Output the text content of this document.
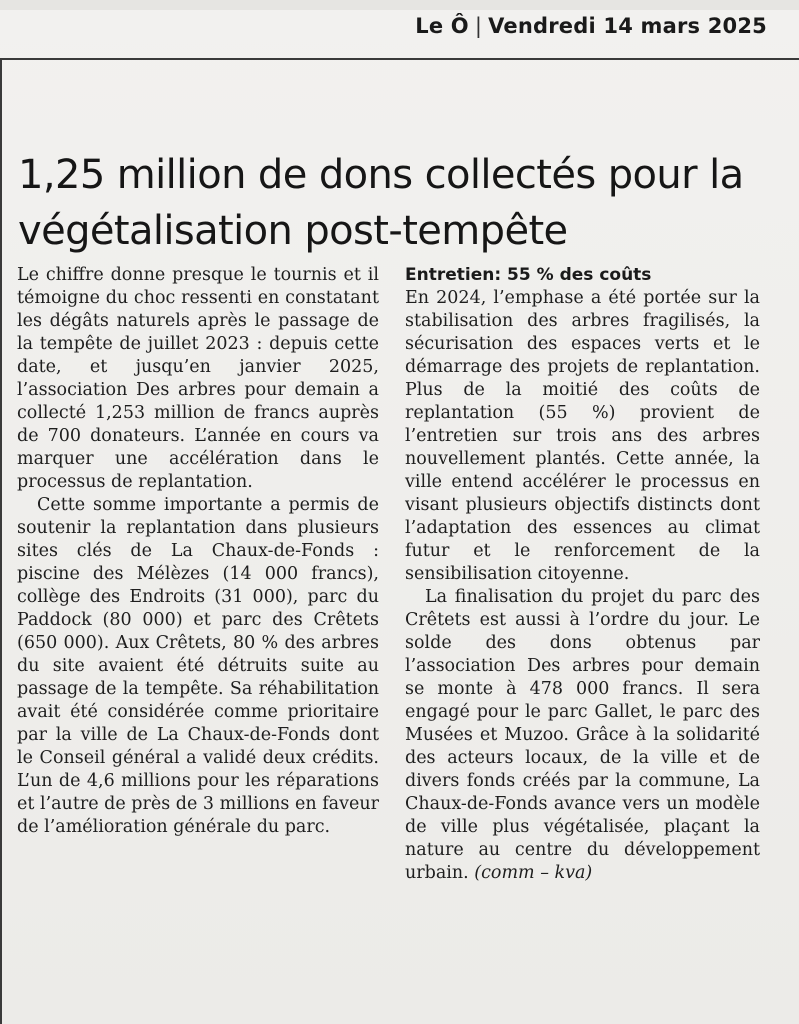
Le Ô | Vendredi 14 mars 2025
1,25 million de dons collectés pour la végétalisation post-tempête

Le chiffre donne presque le tournis et il témoigne du choc ressenti en constatant les dégâts naturels après le passage de la tempête de juillet 2023 : depuis cette date, et jusqu’en janvier 2025, l’association Des arbres pour demain a collecté 1,253 million de francs auprès de 700 donateurs. L’année en cours va marquer une accélération dans le processus de replantation.

Cette somme importante a permis de soutenir la replantation dans plusieurs sites clés de La Chaux-de-Fonds : piscine des Mélèzes (14 000 francs), collège des Endroits (31 000), parc du Paddock (80 000) et parc des Crêtets (650 000). Aux Crêtets, 80 % des arbres du site avaient été détruits suite au passage de la tempête. Sa réhabilitation avait été considérée comme prioritaire par la ville de La Chaux-de-Fonds dont le Conseil général a validé deux crédits. L’un de 4,6 millions pour les réparations et l’autre de près de 3 millions en faveur de l’amélioration générale du parc.

Entretien: 55 % des coûts

En 2024, l’emphase a été portée sur la stabilisation des arbres fragilisés, la sécurisation des espaces verts et le démarrage des projets de replantation. Plus de la moitié des coûts de replantation (55 %) provient de l’entretien sur trois ans des arbres nouvellement plantés. Cette année, la ville entend accélérer le processus en visant plusieurs objectifs distincts dont l’adaptation des essences au climat futur et le renforcement de la sensibilisation citoyenne.

La finalisation du projet du parc des Crêtets est aussi à l’ordre du jour. Le solde des dons obtenus par l’association Des arbres pour demain se monte à 478 000 francs. Il sera engagé pour le parc Gallet, le parc des Musées et Muzoo. Grâce à la solidarité des acteurs locaux, de la ville et de divers fonds créés par la commune, La Chaux-de-Fonds avance vers un modèle de ville plus végétalisée, plaçant la nature au centre du développement urbain. (comm – kva)
